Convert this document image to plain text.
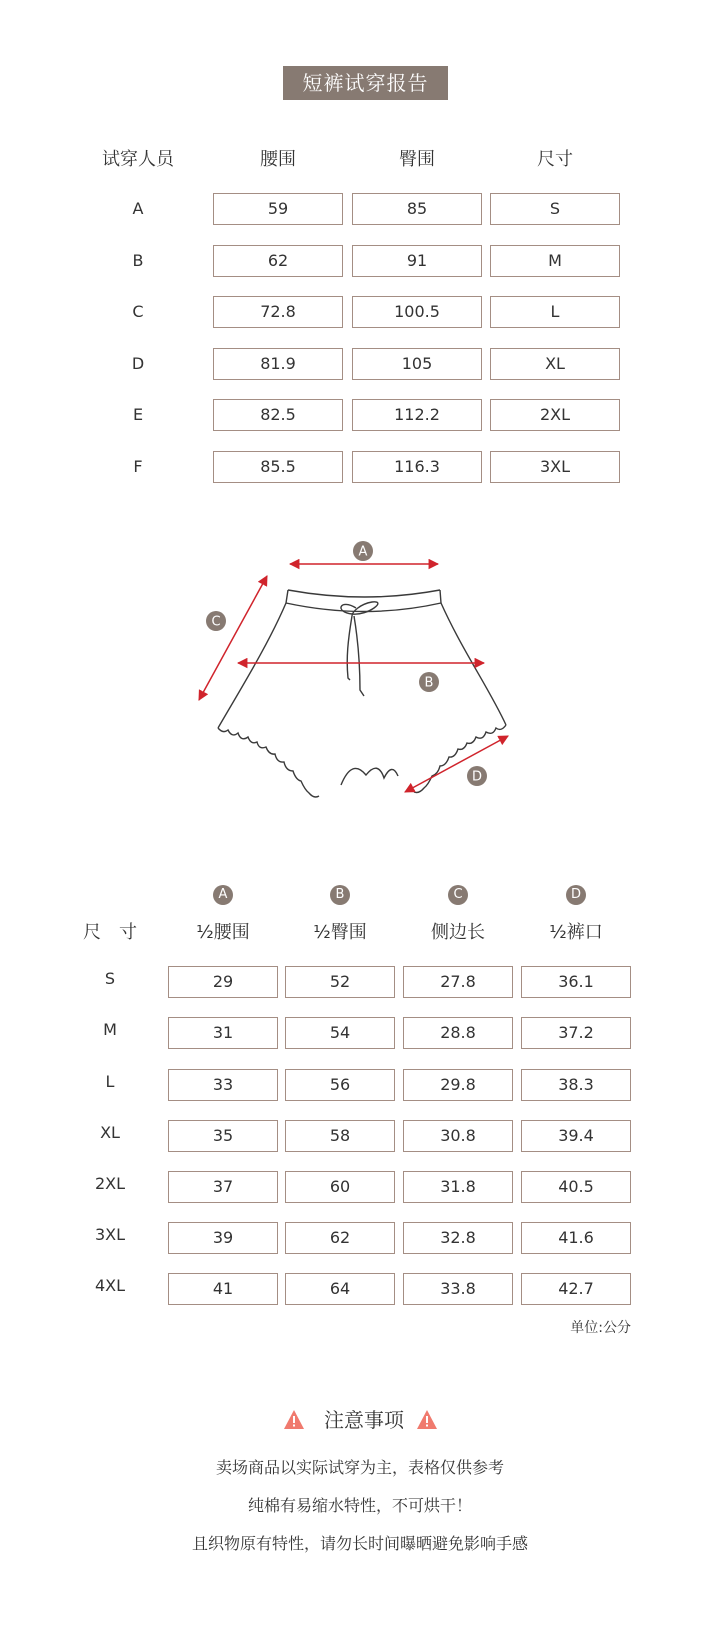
短裤试穿报告
试穿人员	腰围	臀围	尺寸
A	59	85	S
B	62	91	M
C	72.8	100.5	L
D	81.9	105	XL
E	82.5	112.2	2XL
F	85.5	116.3	3XL
A
B
C
D
A	B	C	D
尺　寸	½腰围	½臀围	侧边长	½裤口
S	29	52	27.8	36.1
M	31	54	28.8	37.2
L	33	56	29.8	38.3
XL	35	58	30.8	39.4
2XL	37	60	31.8	40.5
3XL	39	62	32.8	41.6
4XL	41	64	33.8	42.7
单位:公分
注意事项
卖场商品以实际试穿为主，表格仅供参考
纯棉有易缩水特性，不可烘干！
且织物原有特性，请勿长时间曝晒避免影响手感
